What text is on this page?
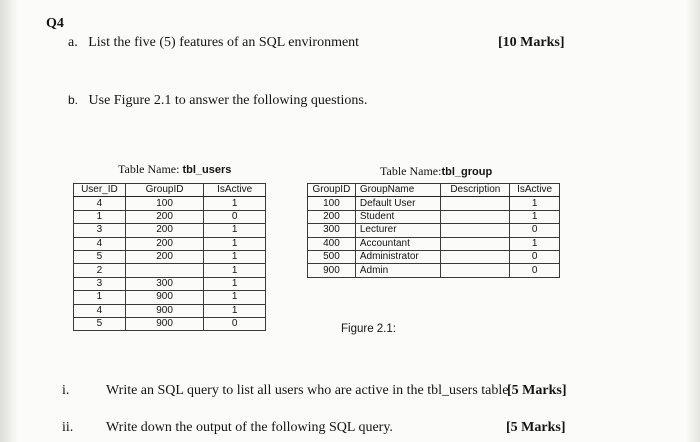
Q4
a. List the five (5) features of an SQL environment	[10 Marks]
b. Use Figure 2.1 to answer the following questions.
Table Name: tbl_users
User_ID	GroupID	IsActive
4	100	1
1	200	0
3	200	1
4	200	1
5	200	1
2		1
3	300	1
1	900	1
4	900	1
5	900	0
Table Name:tbl_group
GroupID	GroupName	Description	IsActive
100	Default User		1
200	Student		1
300	Lecturer		0
400	Accountant		1
500	Administrator		0
900	Admin		0
Figure 2.1:
i.	Write an SQL query to list all users who are active in the tbl_users table
[5 Marks]
ii. Write down the output of the following SQL query.	[5 Marks]
